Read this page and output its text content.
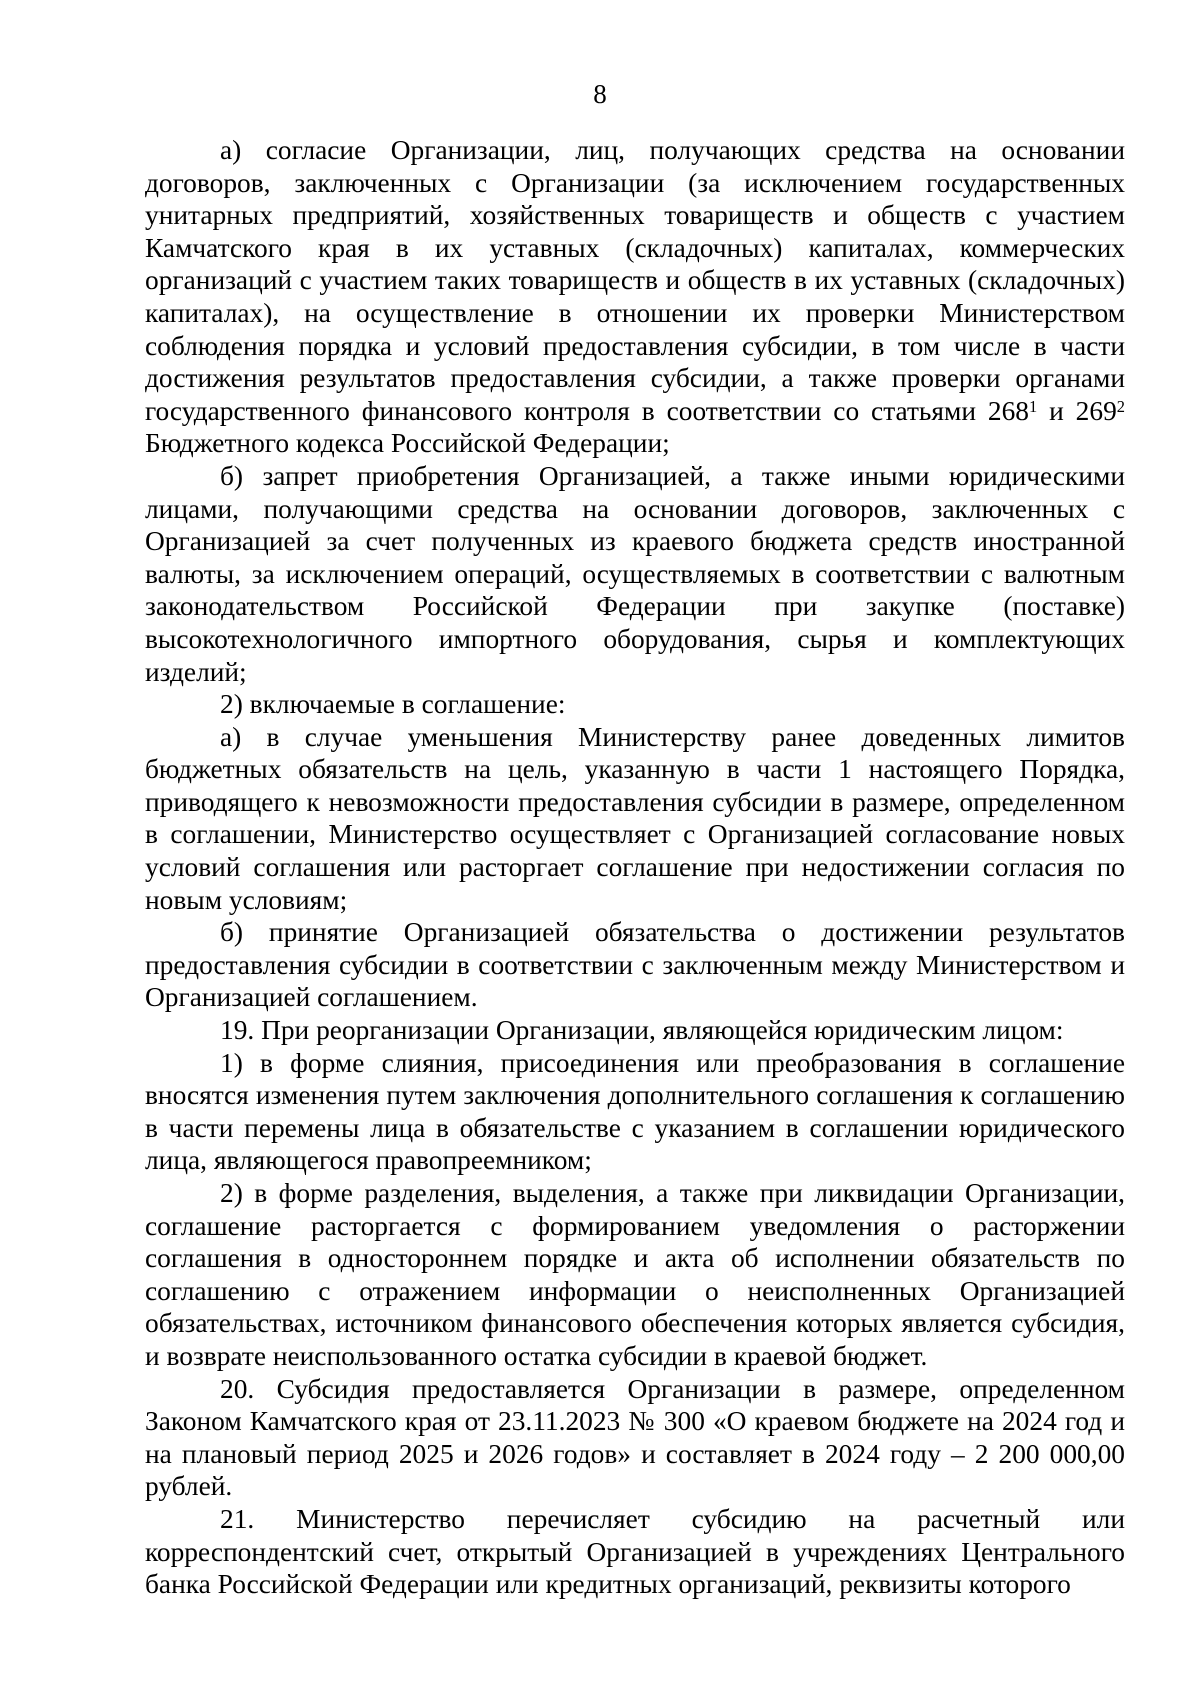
8

а) согласие Организации, лиц, получающих средства на основании договоров, заключенных с Организации (за исключением государственных унитарных предприятий, хозяйственных товариществ и обществ с участием Камчатского края в их уставных (складочных) капиталах, коммерческих организаций с участием таких товариществ и обществ в их уставных (складочных) капиталах), на осуществление в отношении их проверки Министерством соблюдения порядка и условий предоставления субсидии, в том числе в части достижения результатов предоставления субсидии, а также проверки органами государственного финансового контроля в соответствии со статьями $268^1$ и $269^2$ Бюджетного кодекса Российской Федерации;

б) запрет приобретения Организацией, а также иными юридическими лицами, получающими средства на основании договоров, заключенных с Организацией за счет полученных из краевого бюджета средств иностранной валюты, за исключением операций, осуществляемых в соответствии с валютным законодательством Российской Федерации при закупке (поставке) высокотехнологичного импортного оборудования, сырья и комплектующих изделий;

2) включаемые в соглашение:

а) в случае уменьшения Министерству ранее доведенных лимитов бюджетных обязательств на цель, указанную в части 1 настоящего Порядка, приводящего к невозможности предоставления субсидии в размере, определенном в соглашении, Министерство осуществляет с Организацией согласование новых условий соглашения или расторгает соглашение при недостижении согласия по новым условиям;

б) принятие Организацией обязательства о достижении результатов предоставления субсидии в соответствии с заключенным между Министерством и Организацией соглашением.

19. При реорганизации Организации, являющейся юридическим лицом:

1) в форме слияния, присоединения или преобразования в соглашение вносятся изменения путем заключения дополнительного соглашения к соглашению в части перемены лица в обязательстве с указанием в соглашении юридического лица, являющегося правопреемником;

2) в форме разделения, выделения, а также при ликвидации Организации, соглашение расторгается с формированием уведомления о расторжении соглашения в одностороннем порядке и акта об исполнении обязательств по соглашению с отражением информации о неисполненных Организацией обязательствах, источником финансового обеспечения которых является субсидия, и возврате неиспользованного остатка субсидии в краевой бюджет.

20. Субсидия предоставляется Организации в размере, определенном Законом Камчатского края от 23.11.2023 № 300 «О краевом бюджете на 2024 год и на плановый период 2025 и 2026 годов» и составляет в 2024 году – 2 200 000,00 рублей.

21. Министерство перечисляет субсидию на расчетный или корреспондентский счет, открытый Организацией в учреждениях Центрального банка Российской Федерации или кредитных организаций, реквизиты которого
